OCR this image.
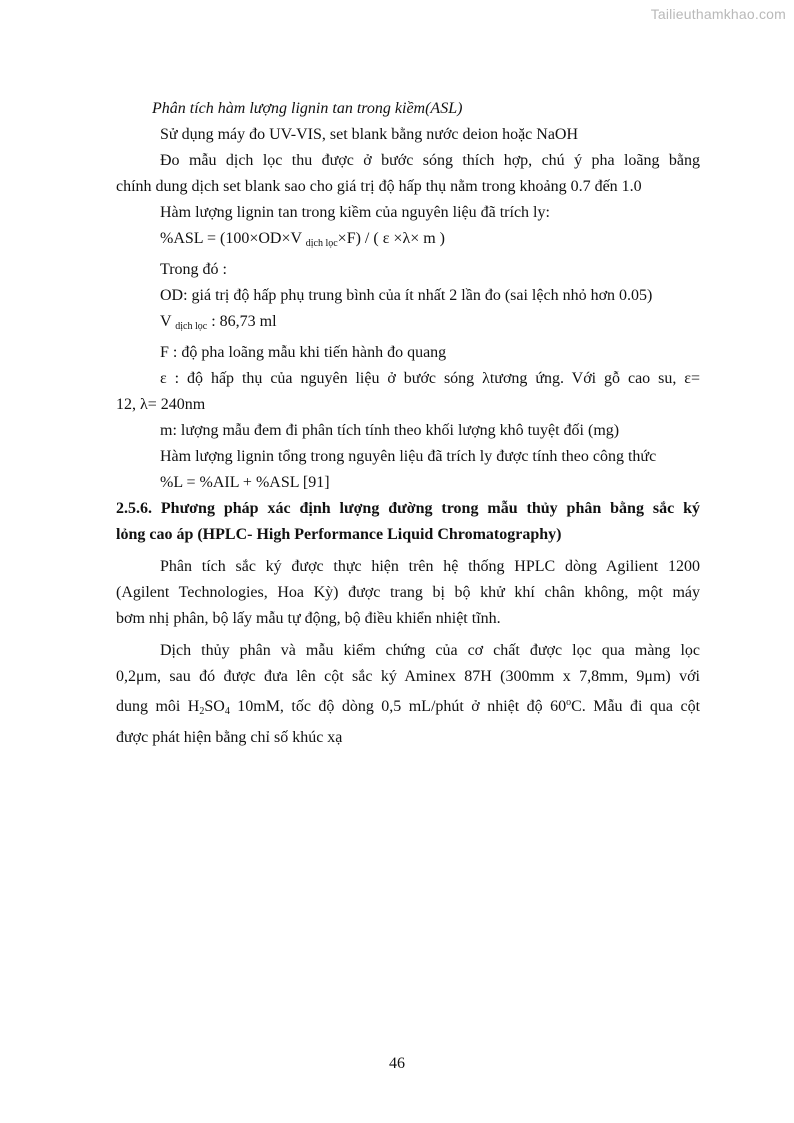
Tailieuthamkhao.com

Phân tích hàm lượng lignin tan trong kiềm(ASL)

Sử dụng máy đo UV-VIS, set blank bằng nước deion hoặc NaOH

Đo mẫu dịch lọc thu được ở bước sóng thích hợp, chú ý pha loãng bằng

chính dung dịch set blank sao cho giá trị độ hấp thụ nằm trong khoảng 0.7 đến 1.0

Hàm lượng lignin tan trong kiềm của nguyên liệu đã trích ly:

%ASL = (100×OD×V $_{dịch lọc}$×F) / ( ε ×λ× m )

Trong đó :

OD: giá trị độ hấp phụ trung bình của ít nhất 2 lần đo (sai lệch nhỏ hơn 0.05)

V $_{dịch lọc}$ : 86,73 ml

F : độ pha loãng mẫu khi tiến hành đo quang

ε : độ hấp thụ của nguyên liệu ở bước sóng λtương ứng. Với gỗ cao su, ε=

12, λ= 240nm

m: lượng mẫu đem đi phân tích tính theo khối lượng khô tuyệt đối (mg)

Hàm lượng lignin tổng trong nguyên liệu đã trích ly được tính theo công thức

%L = %AIL + %ASL [91]

2.5.6. Phương pháp xác định lượng đường trong mẫu thủy phân bằng sắc ký

lỏng cao áp (HPLC- High Performance Liquid Chromatography)

Phân tích sắc ký được thực hiện trên hệ thống HPLC dòng Agilient 1200

(Agilent Technologies, Hoa Kỳ) được trang bị bộ khử khí chân không, một máy

bơm nhị phân, bộ lấy mẫu tự động, bộ điều khiển nhiệt tĩnh.

Dịch thủy phân và mẫu kiểm chứng của cơ chất được lọc qua màng lọc

0,2μm, sau đó được đưa lên cột sắc ký Aminex 87H (300mm x 7,8mm, 9μm) với

dung môi $H_2SO_4$ 10mM, tốc độ dòng 0,5 mL/phút ở nhiệt độ 60$^o$C. Mẫu đi qua cột

được phát hiện bằng chỉ số khúc xạ

46
